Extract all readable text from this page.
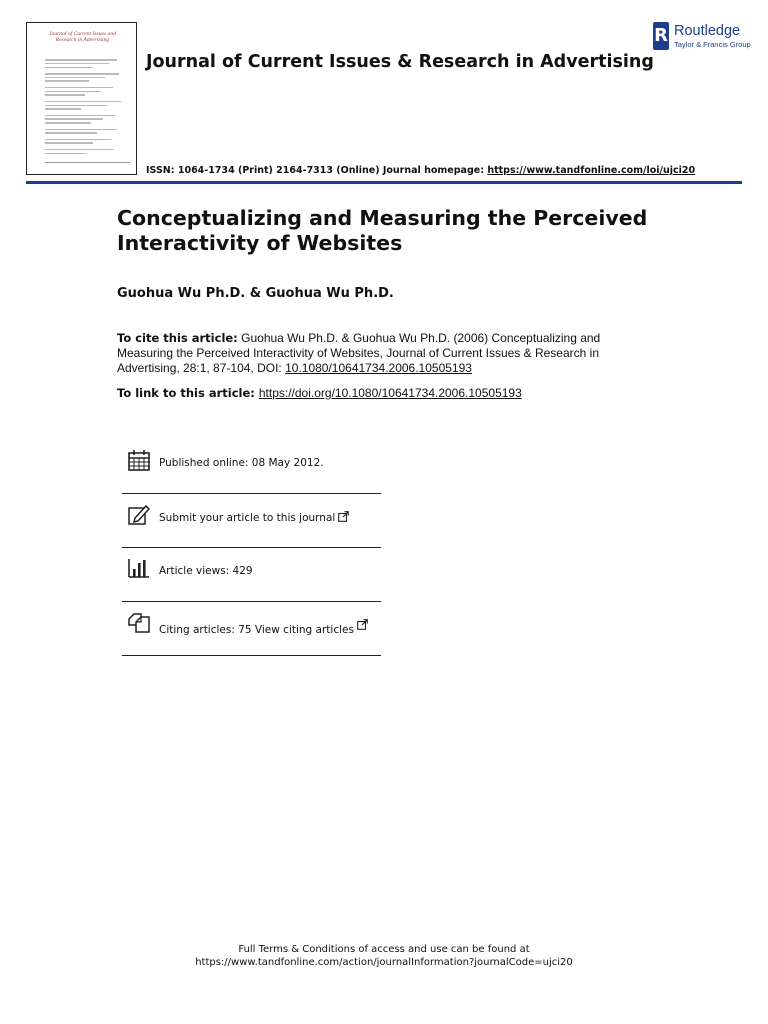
Journal of Current Issues and
Research in Advertising
Journal of Current Issues & Research in Advertising
R Routledge
Taylor & Francis Group
ISSN: 1064-1734 (Print) 2164-7313 (Online) Journal homepage: https://www.tandfonline.com/loi/ujci20
Conceptualizing and Measuring the Perceived Interactivity of Websites
Guohua Wu Ph.D. & Guohua Wu Ph.D.
To cite this article: Guohua Wu Ph.D. & Guohua Wu Ph.D. (2006) Conceptualizing and Measuring the Perceived Interactivity of Websites, Journal of Current Issues & Research in Advertising, 28:1, 87-104, DOI: 10.1080/10641734.2006.10505193
To link to this article: https://doi.org/10.1080/10641734.2006.10505193
Published online: 08 May 2012.
Submit your article to this journal
Article views: 429
Citing articles: 75 View citing articles
Full Terms & Conditions of access and use can be found at
https://www.tandfonline.com/action/journalInformation?journalCode=ujci20
